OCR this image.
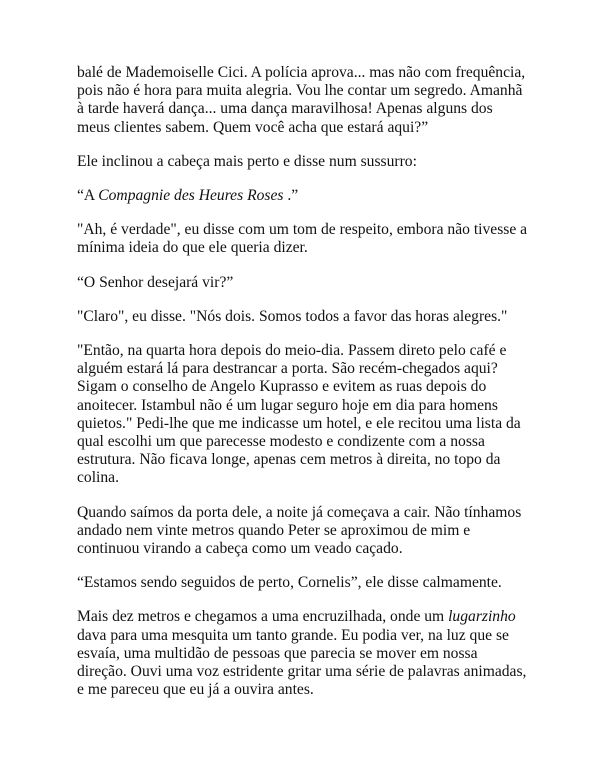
balé de Mademoiselle Cici. A polícia aprova... mas não com frequência, pois não é hora para muita alegria. Vou lhe contar um segredo. Amanhã à tarde haverá dança... uma dança maravilhosa! Apenas alguns dos meus clientes sabem. Quem você acha que estará aqui?”

Ele inclinou a cabeça mais perto e disse num sussurro:

“A Compagnie des Heures Roses .”

"Ah, é verdade", eu disse com um tom de respeito, embora não tivesse a mínima ideia do que ele queria dizer.

“O Senhor desejará vir?”

"Claro", eu disse. "Nós dois. Somos todos a favor das horas alegres."

"Então, na quarta hora depois do meio-dia. Passem direto pelo café e alguém estará lá para destrancar a porta. São recém-chegados aqui? Sigam o conselho de Angelo Kuprasso e evitem as ruas depois do anoitecer. Istambul não é um lugar seguro hoje em dia para homens quietos." Pedi-lhe que me indicasse um hotel, e ele recitou uma lista da qual escolhi um que parecesse modesto e condizente com a nossa estrutura. Não ficava longe, apenas cem metros à direita, no topo da colina.

Quando saímos da porta dele, a noite já começava a cair. Não tínhamos andado nem vinte metros quando Peter se aproximou de mim e continuou virando a cabeça como um veado caçado.

“Estamos sendo seguidos de perto, Cornelis”, ele disse calmamente.

Mais dez metros e chegamos a uma encruzilhada, onde um lugarzinho dava para uma mesquita um tanto grande. Eu podia ver, na luz que se esvaía, uma multidão de pessoas que parecia se mover em nossa direção. Ouvi uma voz estridente gritar uma série de palavras animadas, e me pareceu que eu já a ouvira antes.
